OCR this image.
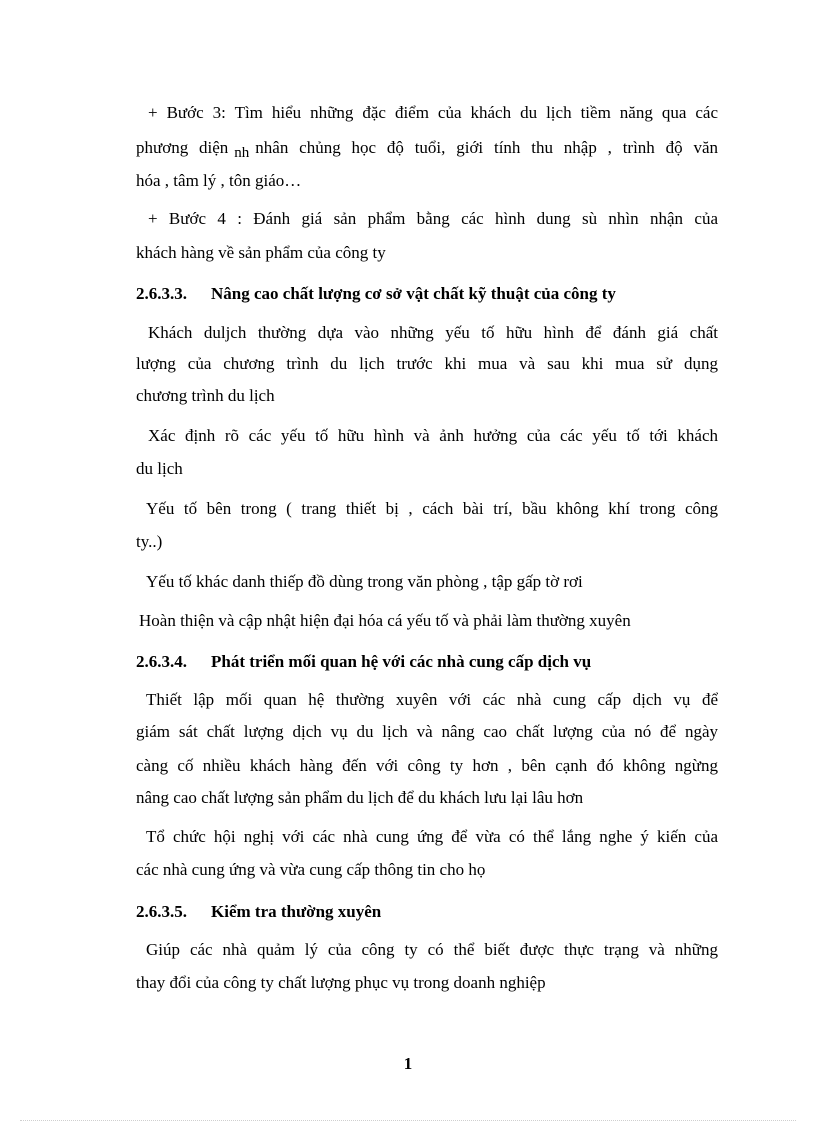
+ Bước 3: Tìm hiểu những đặc điểm của khách du lịch tiềm năng qua các
phương diện nh nhân chủng học độ tuổi, giới tính thu nhập , trình độ văn
hóa , tâm lý , tôn giáo…
+ Bước 4 : Đánh giá sản phẩm bằng các hình dung sù nhìn nhận của
khách hàng về sản phẩm của công ty
2.6.3.3. Nâng cao chất lượng cơ sở vật chất kỹ thuật của công ty
Khách duljch thường dựa vào những yếu tố hữu hình để đánh giá chất
lượng của chương trình du lịch trước khi mua và sau khi mua sử dụng
chương trình du lịch
Xác định rõ các yếu tố hữu hình và ảnh hưởng của các yếu tố tới khách
du lịch
Yếu tố bên trong ( trang thiết bị , cách bài trí, bầu không khí trong công
ty..)
Yếu tố khác danh thiếp đồ dùng trong văn phòng , tập gấp tờ rơi
Hoàn thiện và cập nhật hiện đại hóa cá yếu tố và phải làm thường xuyên
2.6.3.4. Phát triển mối quan hệ với các nhà cung cấp dịch vụ
Thiết lập mối quan hệ thường xuyên với các nhà cung cấp dịch vụ để
giám sát chất lượng dịch vụ du lịch và nâng cao chất lượng của nó để ngày
càng cố nhiều khách hàng đến với công ty hơn , bên cạnh đó không ngừng
nâng cao chất lượng sản phẩm du lịch để du khách lưu lại lâu hơn
Tổ chức hội nghị với các nhà cung ứng để vừa có thể lắng nghe ý kiến của
các nhà cung ứng và vừa cung cấp thông tin cho họ
2.6.3.5. Kiểm tra thường xuyên
Giúp các nhà quảm lý của công ty có thể biết được thực trạng và những
thay đổi của công ty chất lượng phục vụ trong doanh nghiệp
1
